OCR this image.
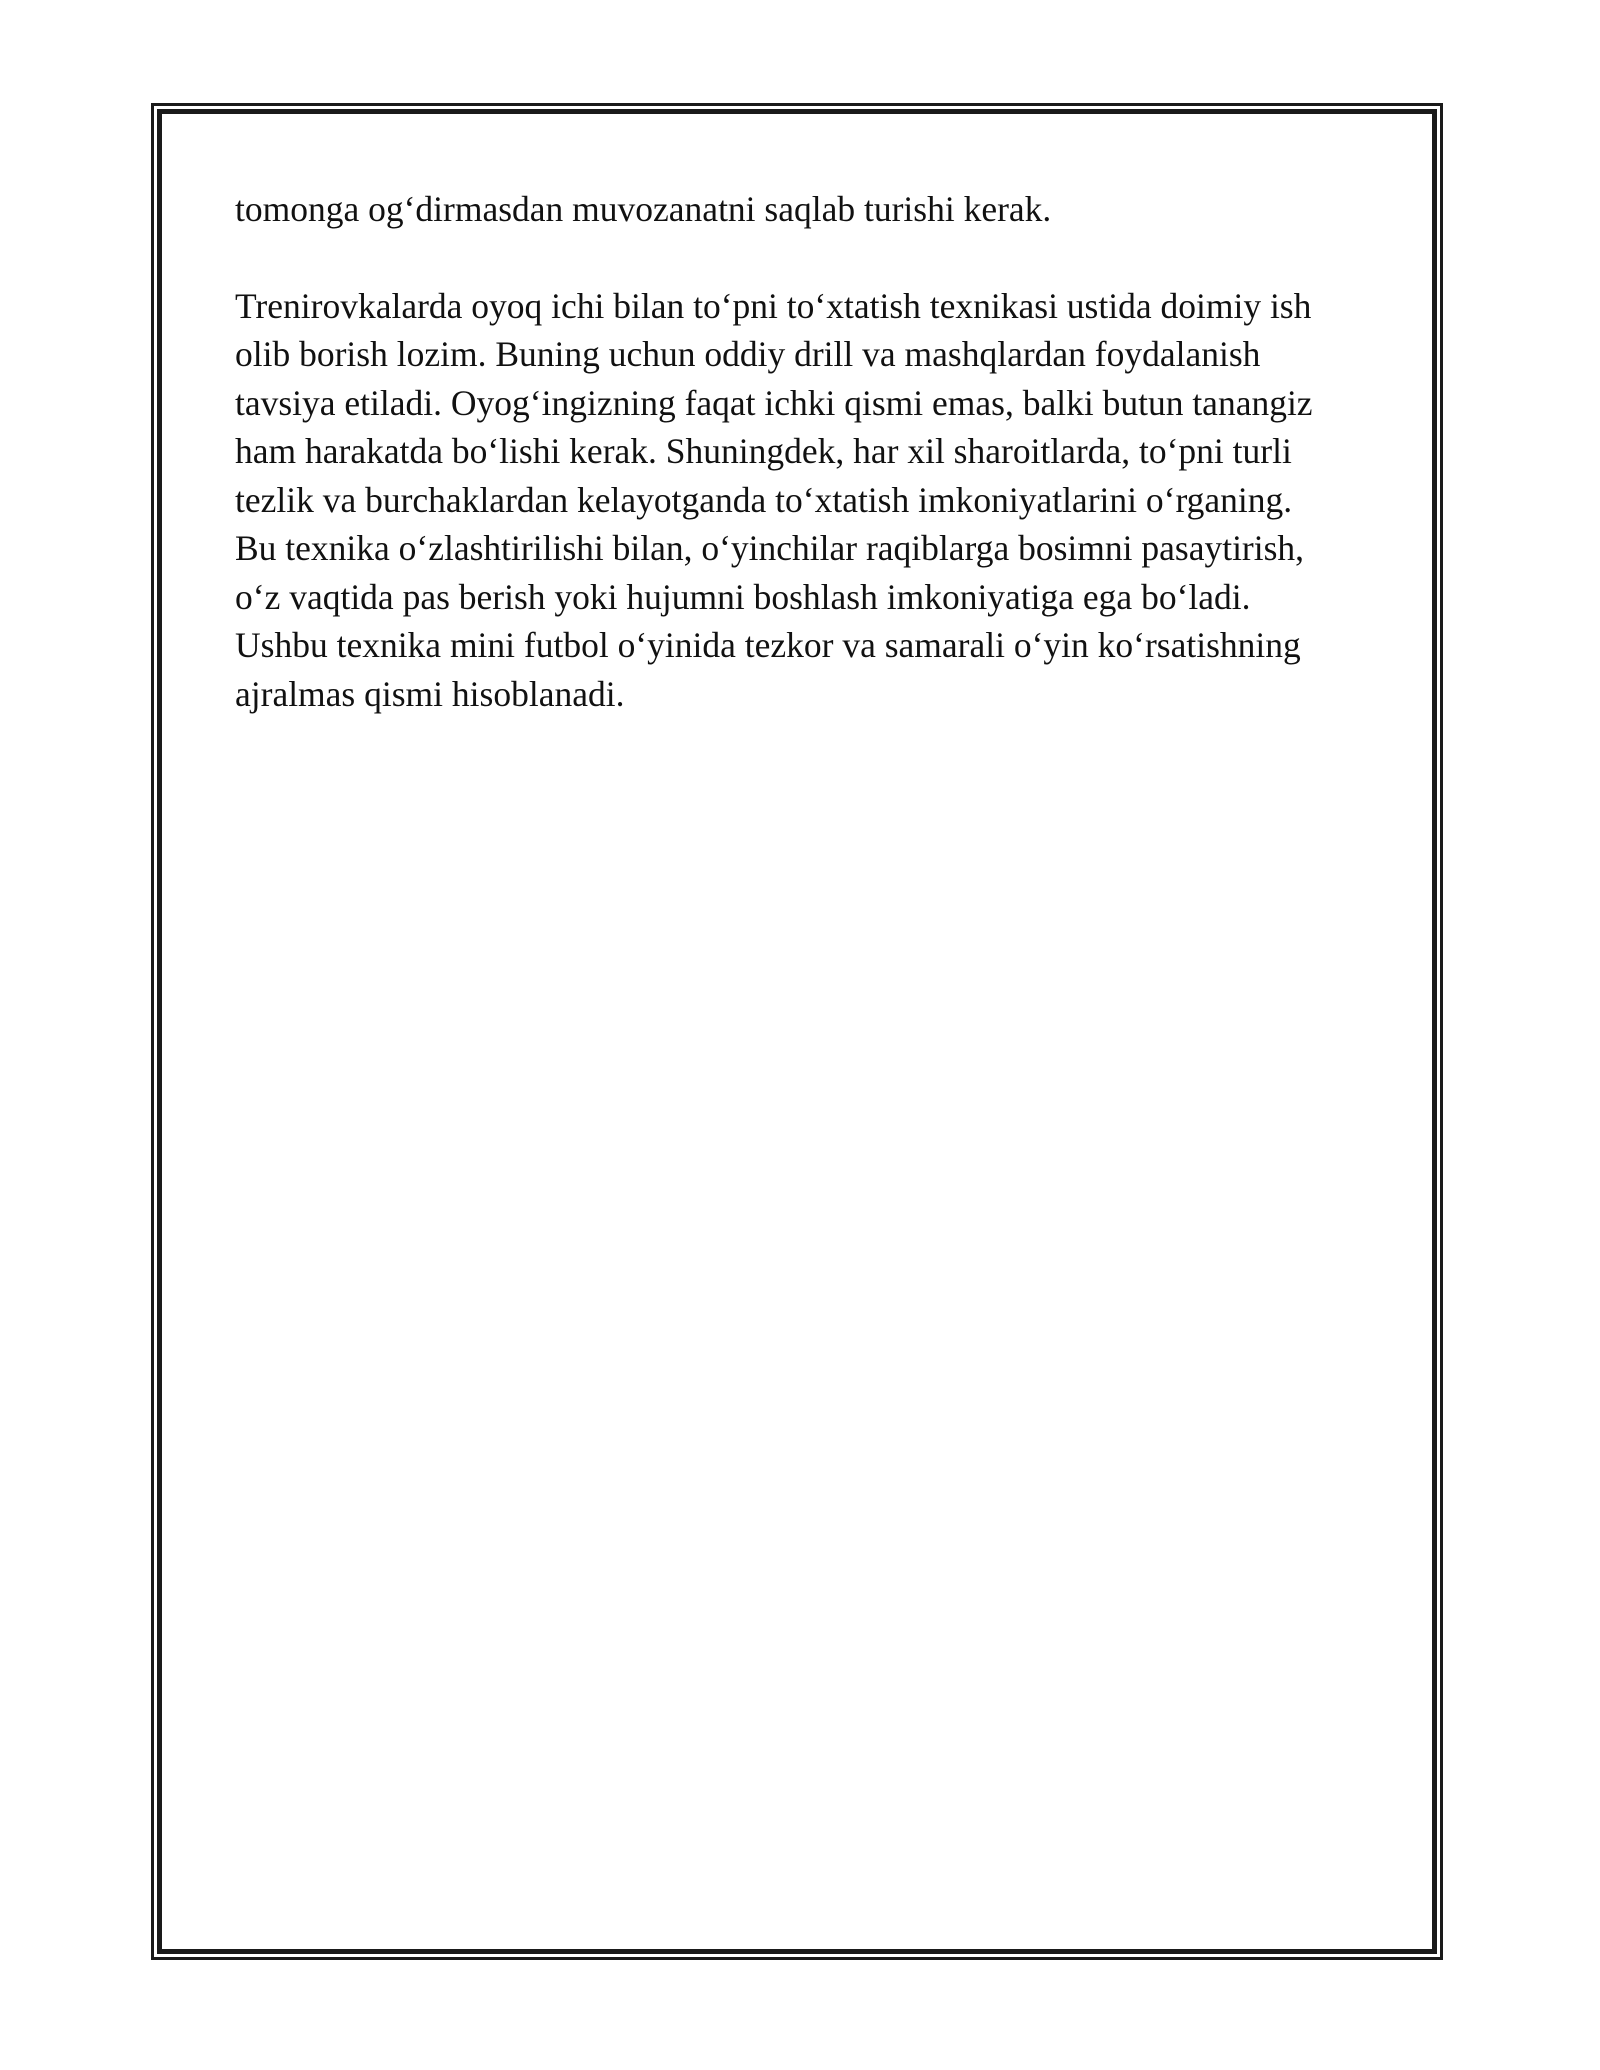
tomonga og‘dirmasdan muvozanatni saqlab turishi kerak.

Trenirovkalarda oyoq ichi bilan to‘pni to‘xtatish texnikasi ustida doimiy ish
olib borish lozim. Buning uchun oddiy drill va mashqlardan foydalanish
tavsiya etiladi. Oyog‘ingizning faqat ichki qismi emas, balki butun tanangiz
ham harakatda bo‘lishi kerak. Shuningdek, har xil sharoitlarda, to‘pni turli
tezlik va burchaklardan kelayotganda to‘xtatish imkoniyatlarini o‘rganing.
Bu texnika o‘zlashtirilishi bilan, o‘yinchilar raqiblarga bosimni pasaytirish,
o‘z vaqtida pas berish yoki hujumni boshlash imkoniyatiga ega bo‘ladi.
Ushbu texnika mini futbol o‘yinida tezkor va samarali o‘yin ko‘rsatishning
ajralmas qismi hisoblanadi.
